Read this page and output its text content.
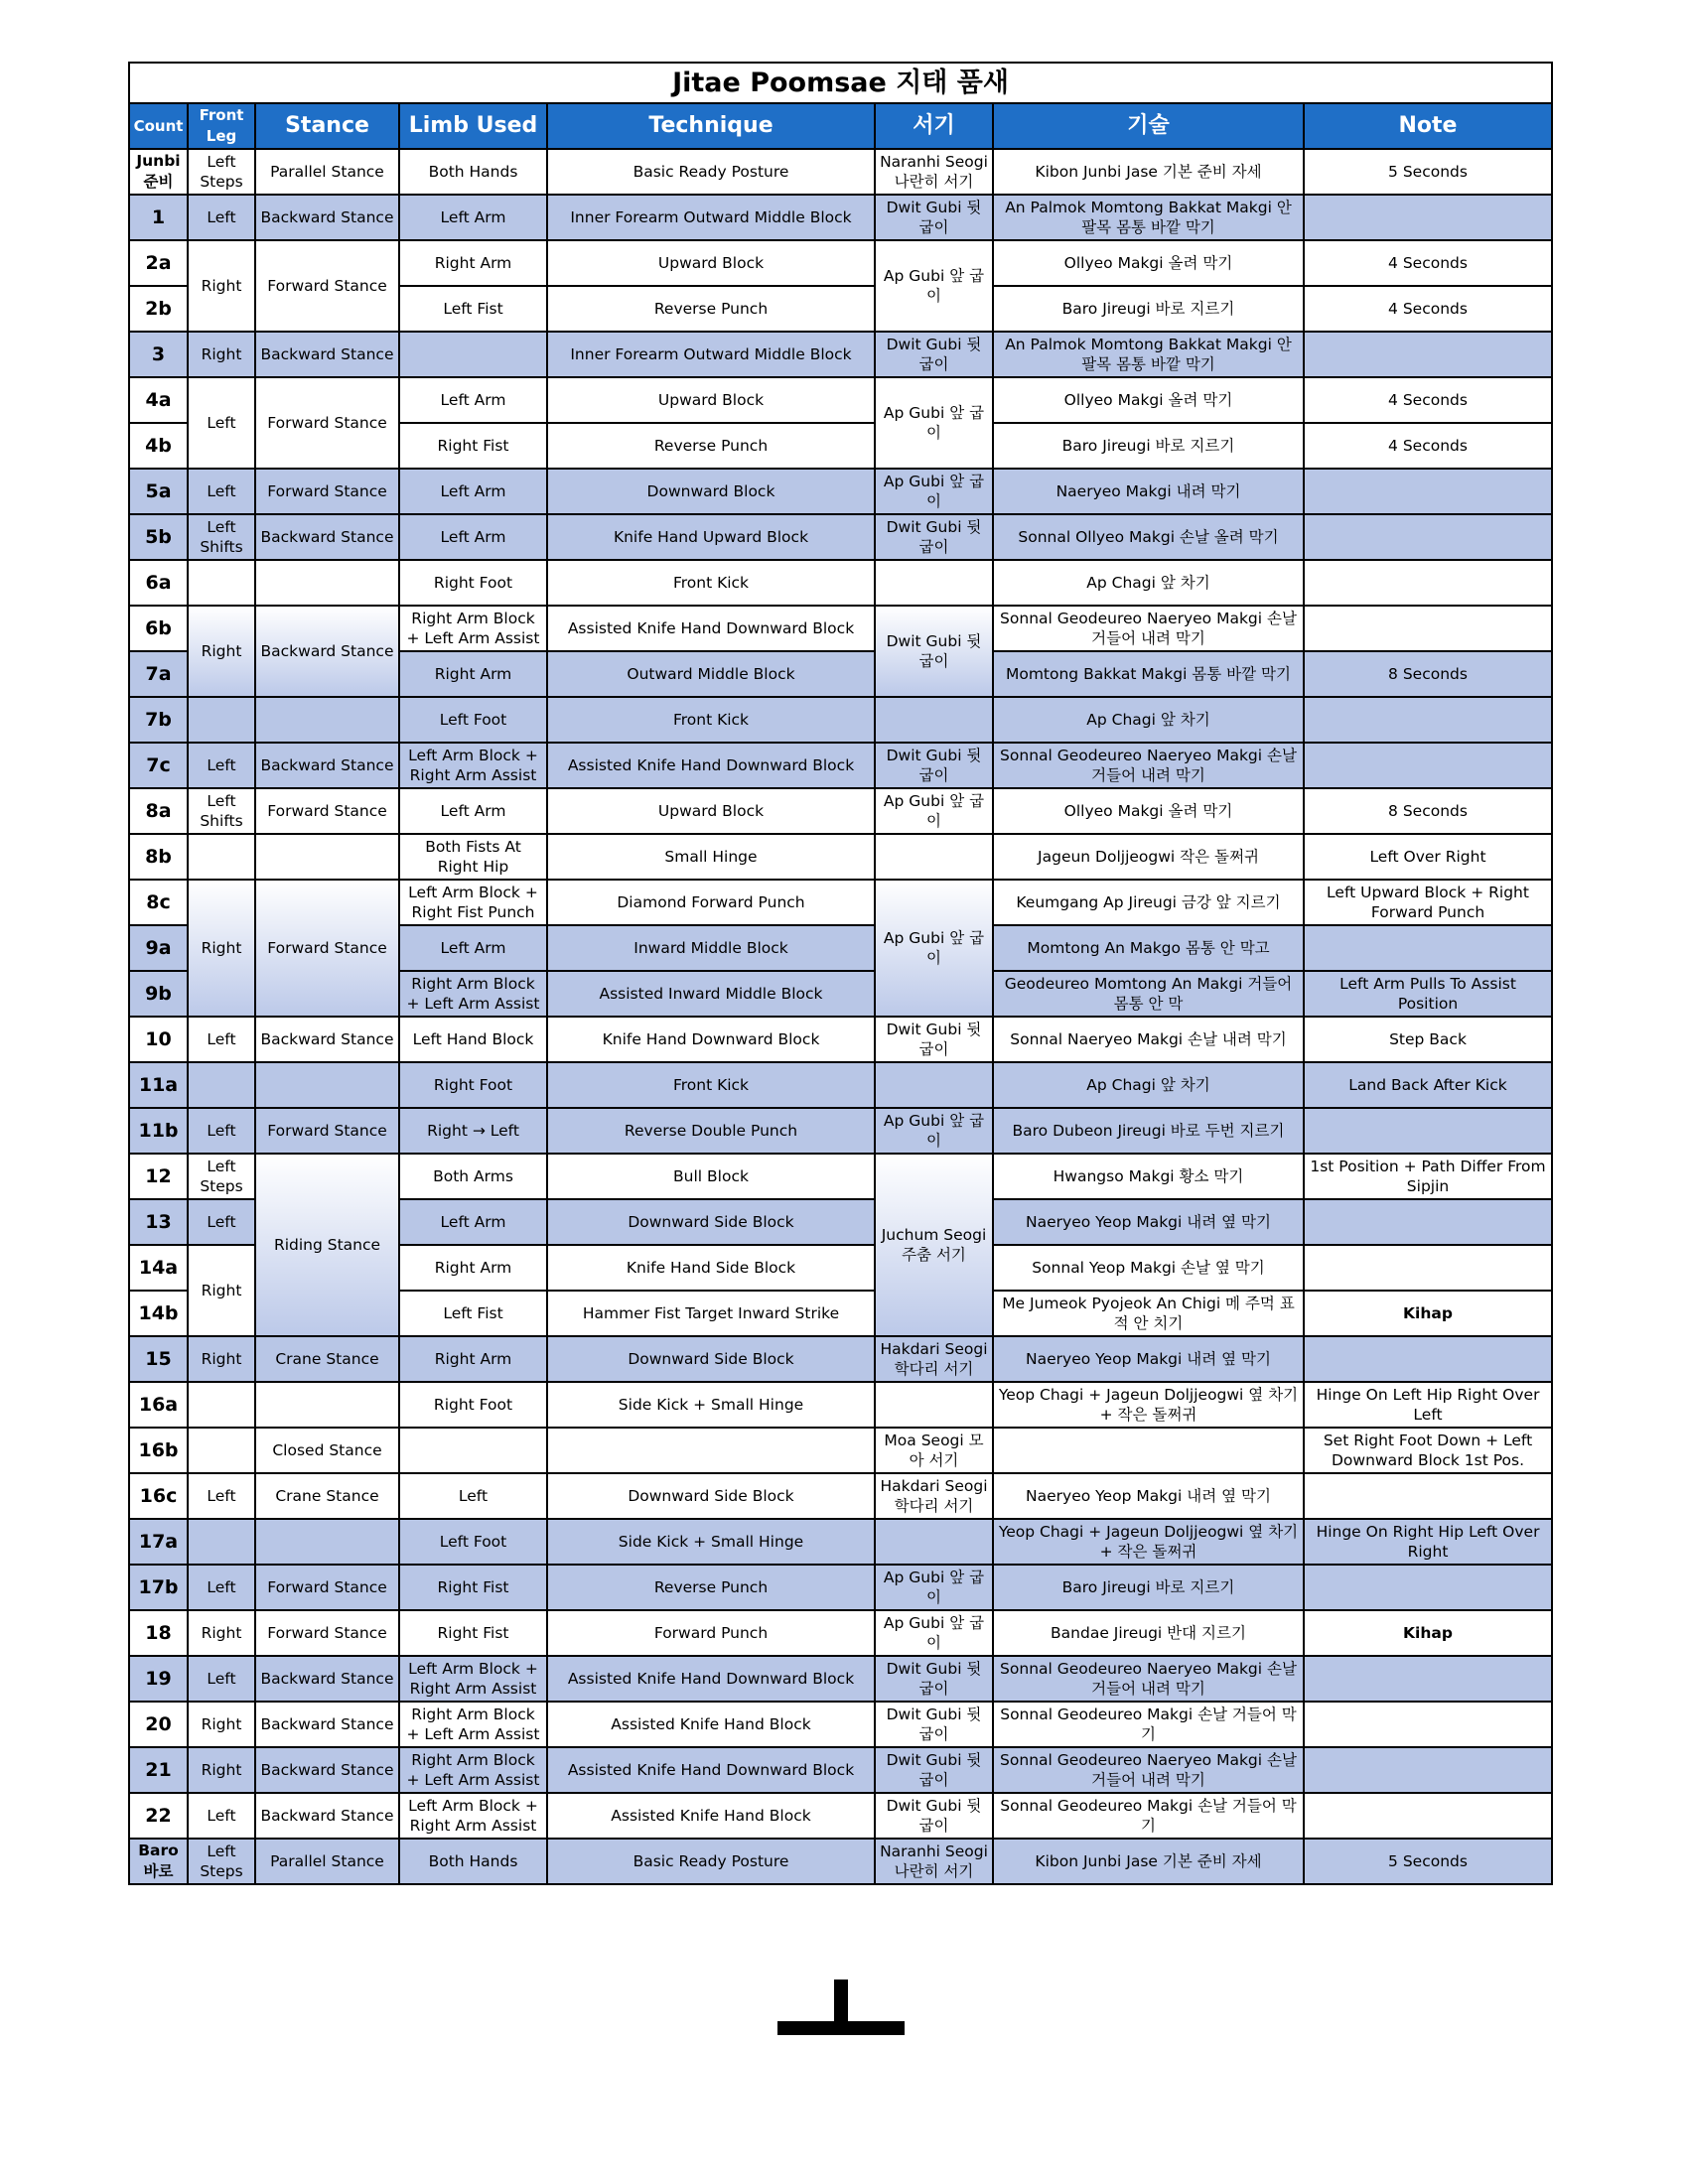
Jitae Poomsae 지태 품새							
Count	Front Leg	Stance	Limb Used	Technique	서기	기술	Note
Junbi 준비	Left Steps	Parallel Stance	Both Hands	Basic Ready Posture	Naranhi Seogi 나란히 서기	Kibon Junbi Jase 기본 준비 자세	5 Seconds
1	Left	Backward Stance	Left Arm	Inner Forearm Outward Middle Block	Dwit Gubi 뒷 굽이	An Palmok Momtong Bakkat Makgi 안 팔목 몸통 바깥 막기	
2a	Right	Forward Stance	Right Arm	Upward Block	Ap Gubi 앞 굽이	Ollyeo Makgi 올려 막기	4 Seconds
2b			Left Fist	Reverse Punch		Baro Jireugi 바로 지르기	4 Seconds
3	Right	Backward Stance		Inner Forearm Outward Middle Block	Dwit Gubi 뒷 굽이	An Palmok Momtong Bakkat Makgi 안 팔목 몸통 바깥 막기	
4a	Left	Forward Stance	Left Arm	Upward Block	Ap Gubi 앞 굽이	Ollyeo Makgi 올려 막기	4 Seconds
4b			Right Fist	Reverse Punch		Baro Jireugi 바로 지르기	4 Seconds
5a	Left	Forward Stance	Left Arm	Downward Block	Ap Gubi 앞 굽이	Naeryeo Makgi 내려 막기	
5b	Left Shifts	Backward Stance	Left Arm	Knife Hand Upward Block	Dwit Gubi 뒷 굽이	Sonnal Ollyeo Makgi 손날 올려 막기	
6a			Right Foot	Front Kick		Ap Chagi 앞 차기	
6b	Right	Backward Stance	Right Arm Block + Left Arm Assist	Assisted Knife Hand Downward Block	Dwit Gubi 뒷 굽이	Sonnal Geodeureo Naeryeo Makgi 손날 거들어 내려 막기	
7a			Right Arm	Outward Middle Block		Momtong Bakkat Makgi 몸통 바깥 막기	8 Seconds
7b			Left Foot	Front Kick		Ap Chagi 앞 차기	
7c	Left	Backward Stance	Left Arm Block + Right Arm Assist	Assisted Knife Hand Downward Block	Dwit Gubi 뒷 굽이	Sonnal Geodeureo Naeryeo Makgi 손날 거들어 내려 막기	
8a	Left Shifts	Forward Stance	Left Arm	Upward Block	Ap Gubi 앞 굽이	Ollyeo Makgi 올려 막기	8 Seconds
8b			Both Fists At Right Hip	Small Hinge		Jageun Doljjeogwi 작은 돌쩌귀	Left Over Right
8c	Right	Forward Stance	Left Arm Block + Right Fist Punch	Diamond Forward Punch	Ap Gubi 앞 굽이	Keumgang Ap Jireugi 금강 앞 지르기	Left Upward Block + Right Forward Punch
9a			Left Arm	Inward Middle Block		Momtong An Makgo 몸통 안 막고	
9b			Right Arm Block + Left Arm Assist	Assisted Inward Middle Block		Geodeureo Momtong An Makgi 거들어 몸통 안 막	Left Arm Pulls To Assist Position
10	Left	Backward Stance	Left Hand Block	Knife Hand Downward Block	Dwit Gubi 뒷 굽이	Sonnal Naeryeo Makgi 손날 내려 막기	Step Back
11a			Right Foot	Front Kick		Ap Chagi 앞 차기	Land Back After Kick
11b	Left	Forward Stance	Right → Left	Reverse Double Punch	Ap Gubi 앞 굽이	Baro Dubeon Jireugi 바로 두번 지르기	
12	Left Steps	Riding Stance	Both Arms	Bull Block	Juchum Seogi 주춤 서기	Hwangso Makgi 황소 막기	1st Position + Path Differ From Sipjin
13	Left		Left Arm	Downward Side Block		Naeryeo Yeop Makgi 내려 옆 막기	
14a	Right		Right Arm	Knife Hand Side Block		Sonnal Yeop Makgi 손날 옆 막기	
14b			Left Fist	Hammer Fist Target Inward Strike		Me Jumeok Pyojeok An Chigi 메 주먹 표적 안 치기	Kihap
15	Right	Crane Stance	Right Arm	Downward Side Block	Hakdari Seogi 학다리 서기	Naeryeo Yeop Makgi 내려 옆 막기	
16a			Right Foot	Side Kick + Small Hinge		Yeop Chagi + Jageun Doljjeogwi 옆 차기 + 작은 돌쩌귀	Hinge On Left Hip Right Over Left
16b		Closed Stance			Moa Seogi 모아 서기		Set Right Foot Down + Left Downward Block 1st Pos.
16c	Left	Crane Stance	Left	Downward Side Block	Hakdari Seogi 학다리 서기	Naeryeo Yeop Makgi 내려 옆 막기	
17a			Left Foot	Side Kick + Small Hinge		Yeop Chagi + Jageun Doljjeogwi 옆 차기 + 작은 돌쩌귀	Hinge On Right Hip Left Over Right
17b	Left	Forward Stance	Right Fist	Reverse Punch	Ap Gubi 앞 굽이	Baro Jireugi 바로 지르기	
18	Right	Forward Stance	Right Fist	Forward Punch	Ap Gubi 앞 굽이	Bandae Jireugi 반대 지르기	Kihap
19	Left	Backward Stance	Left Arm Block + Right Arm Assist	Assisted Knife Hand Downward Block	Dwit Gubi 뒷 굽이	Sonnal Geodeureo Naeryeo Makgi 손날 거들어 내려 막기	
20	Right	Backward Stance	Right Arm Block + Left Arm Assist	Assisted Knife Hand Block	Dwit Gubi 뒷 굽이	Sonnal Geodeureo Makgi 손날 거들어 막기	
21	Right	Backward Stance	Right Arm Block + Left Arm Assist	Assisted Knife Hand Downward Block	Dwit Gubi 뒷 굽이	Sonnal Geodeureo Naeryeo Makgi 손날 거들어 내려 막기	
22	Left	Backward Stance	Left Arm Block + Right Arm Assist	Assisted Knife Hand Block	Dwit Gubi 뒷 굽이	Sonnal Geodeureo Makgi 손날 거들어 막기	
Baro 바로	Left Steps	Parallel Stance	Both Hands	Basic Ready Posture	Naranhi Seogi 나란히 서기	Kibon Junbi Jase 기본 준비 자세	5 Seconds
